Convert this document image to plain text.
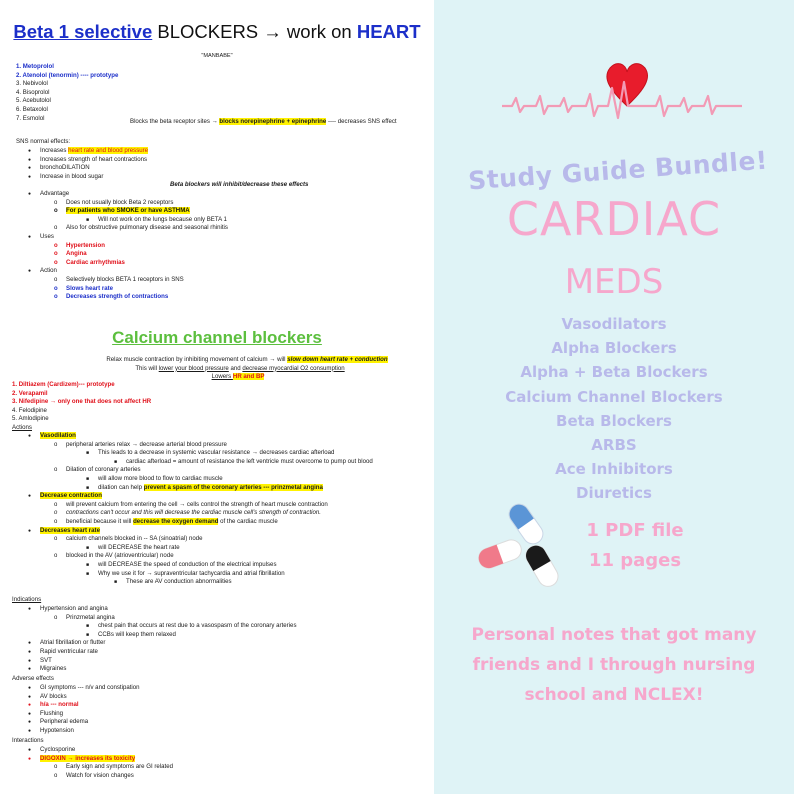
Beta 1 selective BLOCKERS → work on HEART
"MANBABE"
1. Metoprolol
2. Atenolol (tenormin) ---- prototype
3. Nebivolol
4. Bisoprolol
5. Acebutolol
6. Betaxolol
7. Esmolol	Blocks the beta receptor sites → blocks norepinephrine + epinephrine ---- decreases SNS effect
SNS normal effects:
● Increases heart rate and blood pressure
● Increases strength of heart contractions
● bronchoDILATION
● Increase in blood sugar
Beta blockers will inhibit/decrease these effects
● Advantage
o Does not usually block Beta 2 receptors
o For patients who SMOKE or have ASTHMA
■ Will not work on the lungs because only BETA 1
o Also for obstructive pulmonary disease and seasonal rhinitis
● Uses
o Hypertension
o Angina
o Cardiac arrhythmias
● Action
o Selectively blocks BETA 1 receptors in SNS
o Slows heart rate
o Decreases strength of contractions
Calcium channel blockers
Relax muscle contraction by inhibiting movement of calcium → will slow down heart rate + conduction
This will lower your blood pressure and decrease myocardial O2 consumption
Lowers HR and BP
1. Diltiazem (Cardizem)--- prototype
2. Verapamil
3. Nifedipine → only one that does not affect HR
4. Felodipine
5. Amlodipine
Actions
● Vasodilation
o peripheral arteries relax → decrease arterial blood pressure
■ This leads to a decrease in systemic vascular resistance → decreases cardiac afterload
■ cardiac afterload = amount of resistance the left ventricle must overcome to pump out blood
o Dilation of coronary arteries
■ will allow more blood to flow to cardiac muscle
■ dilation can help prevent a spasm of the coronary arteries --- prinzmetal angina
● Decrease contraction
o will prevent calcium from entering the cell → cells control the strength of heart muscle contraction
o contractions can't occur and this will decrease the cardiac muscle cell's strength of contraction.
o beneficial because it will decrease the oxygen demand of the cardiac muscle
● Decreases heart rate
o calcium channels blocked in -- SA (sinoatrial) node
■ will DECREASE the heart rate
o blocked in the AV (atrioventricular) node
■ will DECREASE the speed of conduction of the electrical impulses
■ Why we use it for → supraventricular tachycardia and atrial fibrillation
■ These are AV conduction abnormalities
Indications
● Hypertension and angina
o Prinzmetal angina
■ chest pain that occurs at rest due to a vasospasm of the coronary arteries
■ CCBs will keep them relaxed
● Atrial fibrillation or flutter
● Rapid ventricular rate
● SVT
● Migraines
Adverse effects
● GI symptoms --- n/v and constipation
● AV blocks
● h/a --- normal
● Flushing
● Peripheral edema
● Hypotension
Interactions
● Cyclosporine
● DIGOXIN → increases its toxicity
o Early sign and symptoms are GI related
o Watch for vision changes
Study Guide Bundle!
CARDIAC
MEDS
Vasodilators
Alpha Blockers
Alpha + Beta Blockers
Calcium Channel Blockers
Beta Blockers
ARBS
Ace Inhibitors
Diuretics
1 PDF file
11 pages
Personal notes that got many
friends and I through nursing
school and NCLEX!
